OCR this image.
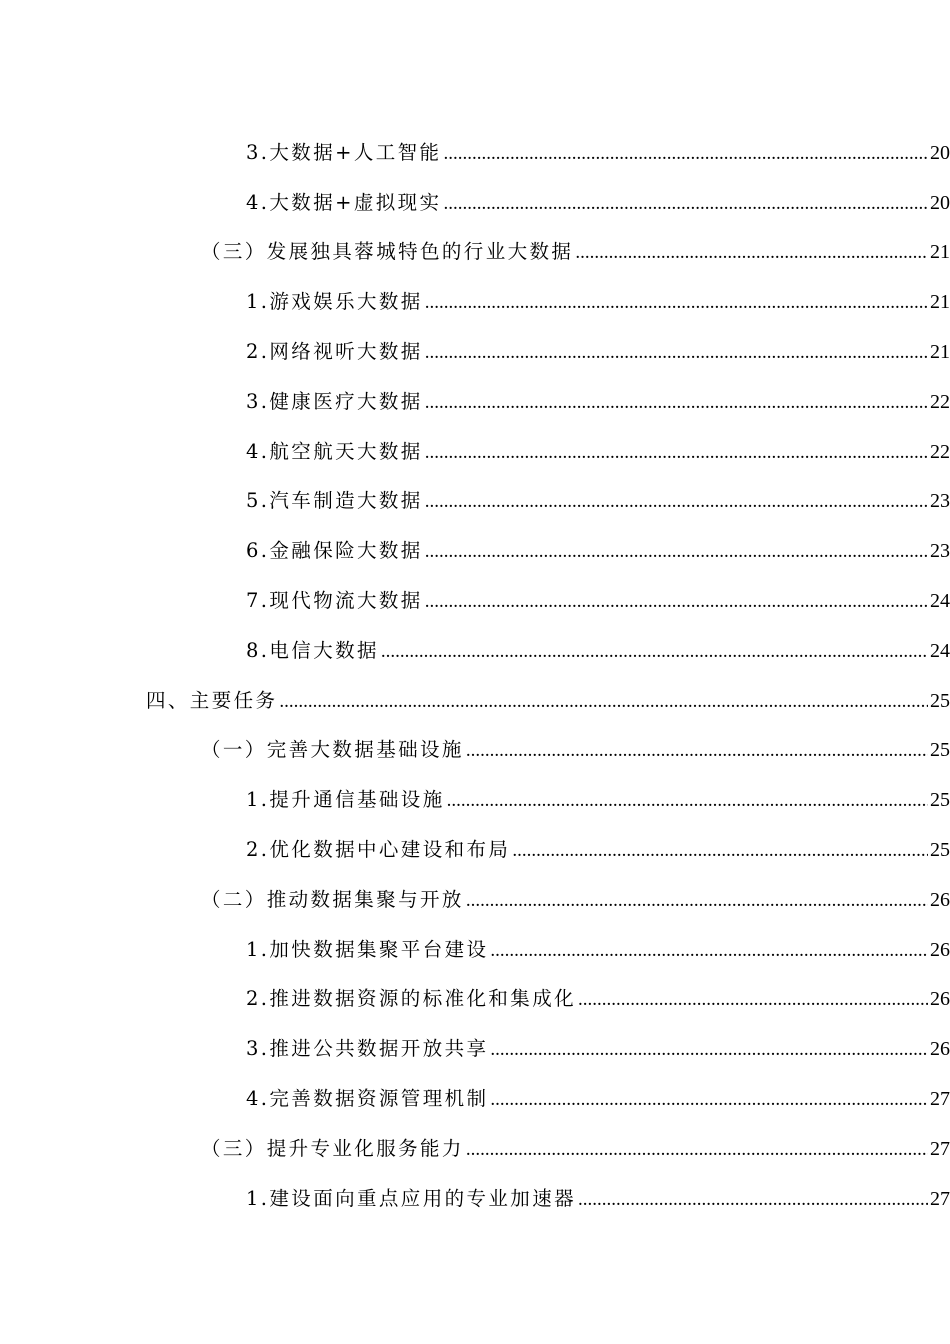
3.大数据+人工智能 .....	20
4.大数据+虚拟现实 .....	20
（三）发展独具蓉城特色的行业大数据 .....	21
1.游戏娱乐大数据 .....	21
2.网络视听大数据 .....	21
3.健康医疗大数据 .....	22
4.航空航天大数据 .....	22
5.汽车制造大数据 .....	23
6.金融保险大数据 .....	23
7.现代物流大数据 .....	24
8.电信大数据 .....	24
四、主要任务 .....	25
（一）完善大数据基础设施 .....	25
1.提升通信基础设施 .....	25
2.优化数据中心建设和布局 .....	25
（二）推动数据集聚与开放 .....	26
1.加快数据集聚平台建设 .....	26
2.推进数据资源的标准化和集成化 .....	26
3.推进公共数据开放共享 .....	26
4.完善数据资源管理机制 .....	27
（三）提升专业化服务能力 .....	27
1.建设面向重点应用的专业加速器 .....	27
